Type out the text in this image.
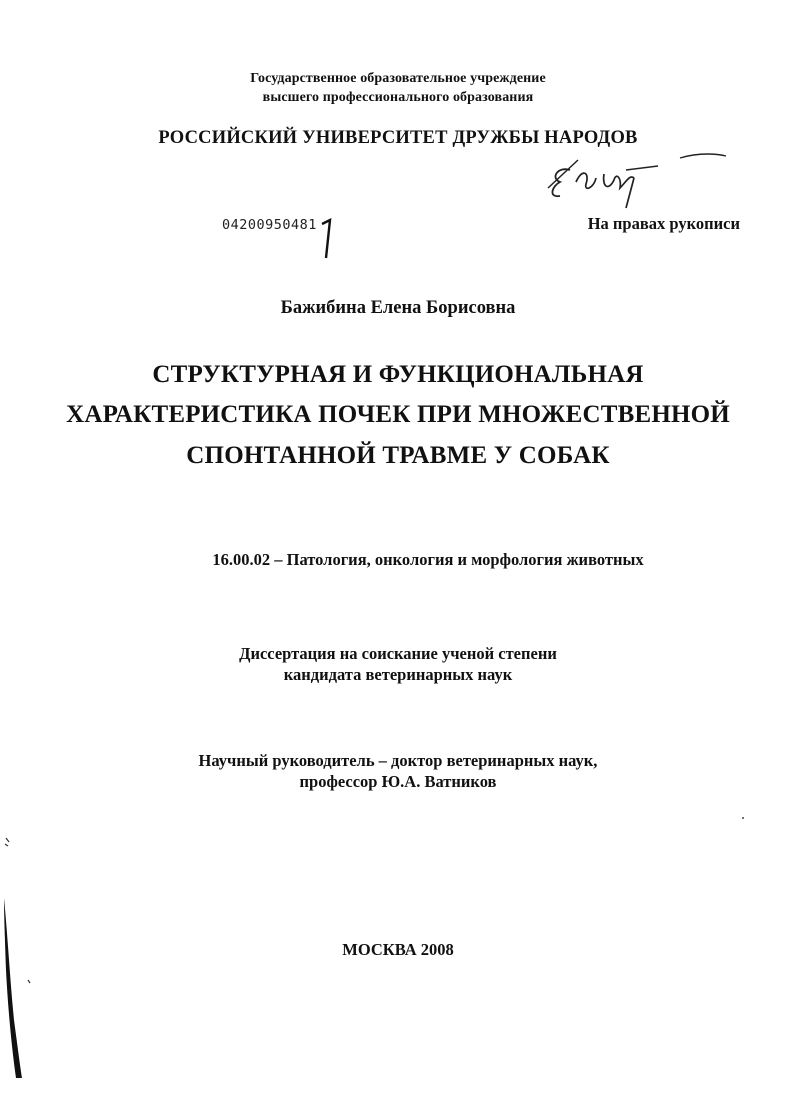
Государственное образовательное учреждение
высшего профессионального образования
РОССИЙСКИЙ УНИВЕРСИТЕТ ДРУЖБЫ НАРОДОВ
04200950481	На правах рукописи
Бажибина Елена Борисовна
СТРУКТУРНАЯ И ФУНКЦИОНАЛЬНАЯ
ХАРАКТЕРИСТИКА ПОЧЕК ПРИ МНОЖЕСТВЕННОЙ
СПОНТАННОЙ ТРАВМЕ У СОБАК
16.00.02 – Патология, онкология и морфология животных
Диссертация на соискание ученой степени
кандидата ветеринарных наук
Научный руководитель – доктор ветеринарных наук,
профессор Ю.А. Ватников
МОСКВА 2008
